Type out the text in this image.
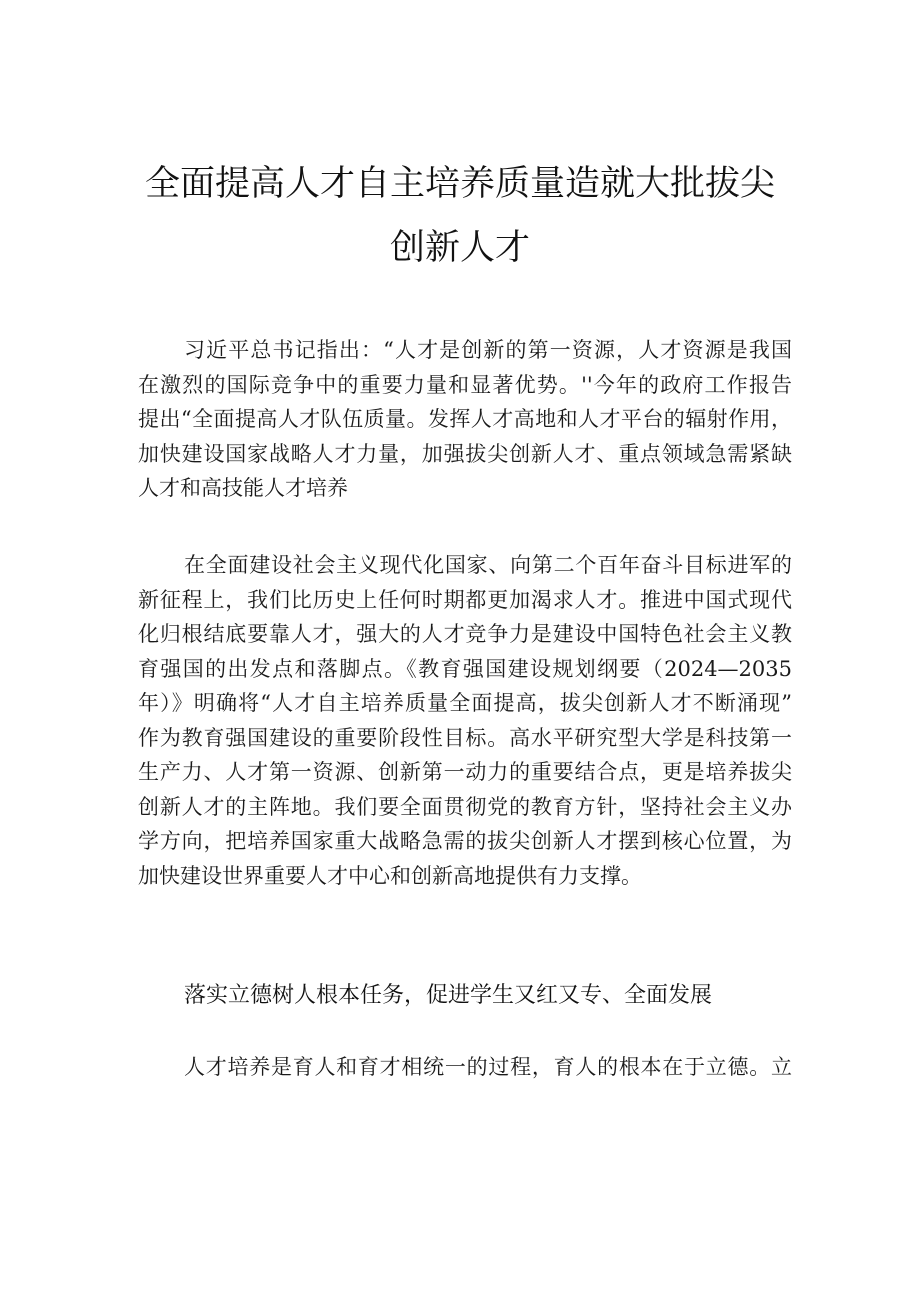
全面提高人才自主培养质量造就大批拔尖
创新人才
习近平总书记指出：“人才是创新的第一资源，人才资源是我国
在激烈的国际竞争中的重要力量和显著优势。''今年的政府工作报告
提出“全面提高人才队伍质量。发挥人才高地和人才平台的辐射作用，
加快建设国家战略人才力量，加强拔尖创新人才、重点领域急需紧缺
人才和高技能人才培养
在全面建设社会主义现代化国家、向第二个百年奋斗目标进军的
新征程上，我们比历史上任何时期都更加渴求人才。推进中国式现代
化归根结底要靠人才，强大的人才竞争力是建设中国特色社会主义教
育强国的出发点和落脚点。《教育强国建设规划纲要（2024—2035
年）》明确将“人才自主培养质量全面提高，拔尖创新人才不断涌现”
作为教育强国建设的重要阶段性目标。高水平研究型大学是科技第一
生产力、人才第一资源、创新第一动力的重要结合点，更是培养拔尖
创新人才的主阵地。我们要全面贯彻党的教育方针，坚持社会主义办
学方向，把培养国家重大战略急需的拔尖创新人才摆到核心位置，为
加快建设世界重要人才中心和创新高地提供有力支撑。
落实立德树人根本任务，促进学生又红又专、全面发展
人才培养是育人和育才相统一的过程，育人的根本在于立德。立
